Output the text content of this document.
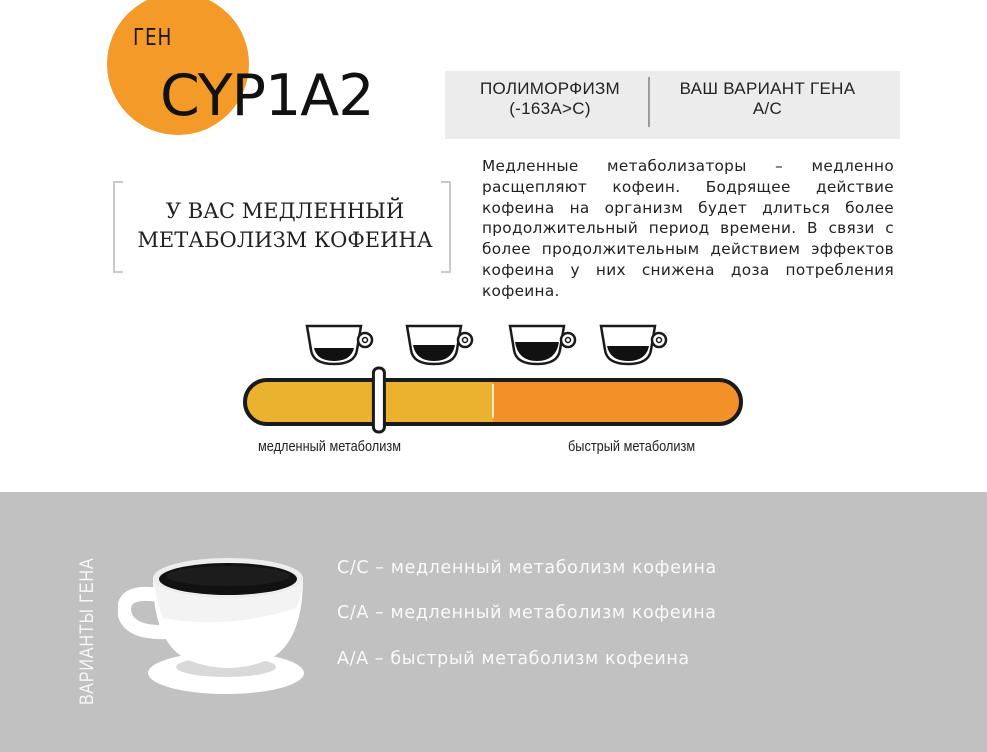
ГЕН
CYP1A2	ПОЛИМОРФИЗМ
(-163A>C)
ВАШ ВАРИАНТ ГЕНА
A/C
У ВАС МЕДЛЕННЫЙ
МЕТАБОЛИЗМ КОФЕИНА
Медленные метаболизаторы – медленно расщепляют кофеин. Бодрящее действие кофеина на организм будет длиться более продолжительный период времени. В связи с более продолжительным действием эффектов кофеина у них снижена доза потребления кофеина.
медленный метаболизм	быстрый метаболизм
ВАРИАНТЫ ГЕНА	C/C – медленный метаболизм кофеина
C/A – медленный метаболизм кофеина
A/A – быстрый метаболизм кофеина
